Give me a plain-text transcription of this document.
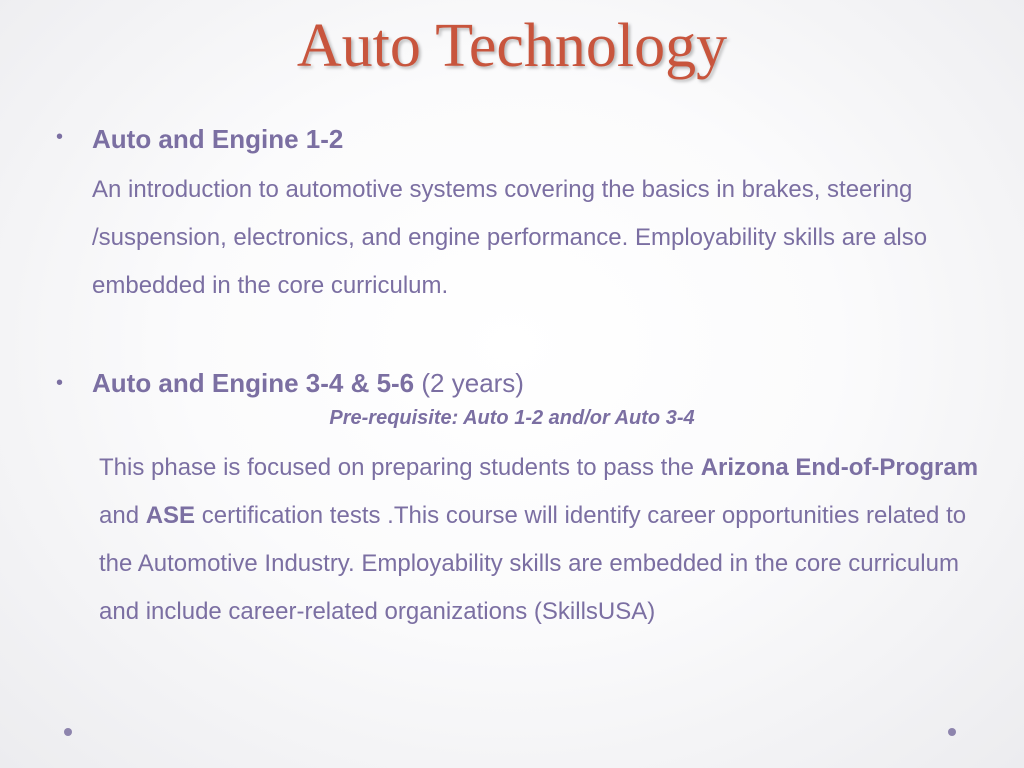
Auto Technology
• Auto and Engine 1-2

An introduction to automotive systems covering the basics in brakes, steering /suspension, electronics, and engine performance. Employability skills are also embedded in the core curriculum.

• Auto and Engine 3-4 & 5-6 (2 years)
Pre-requisite: Auto 1-2 and/or Auto 3-4

This phase is focused on preparing students to pass the Arizona End-of-Program and ASE certification tests .This course will identify career opportunities related to the Automotive Industry. Employability skills are embedded in the core curriculum and include career-related organizations (SkillsUSA)
